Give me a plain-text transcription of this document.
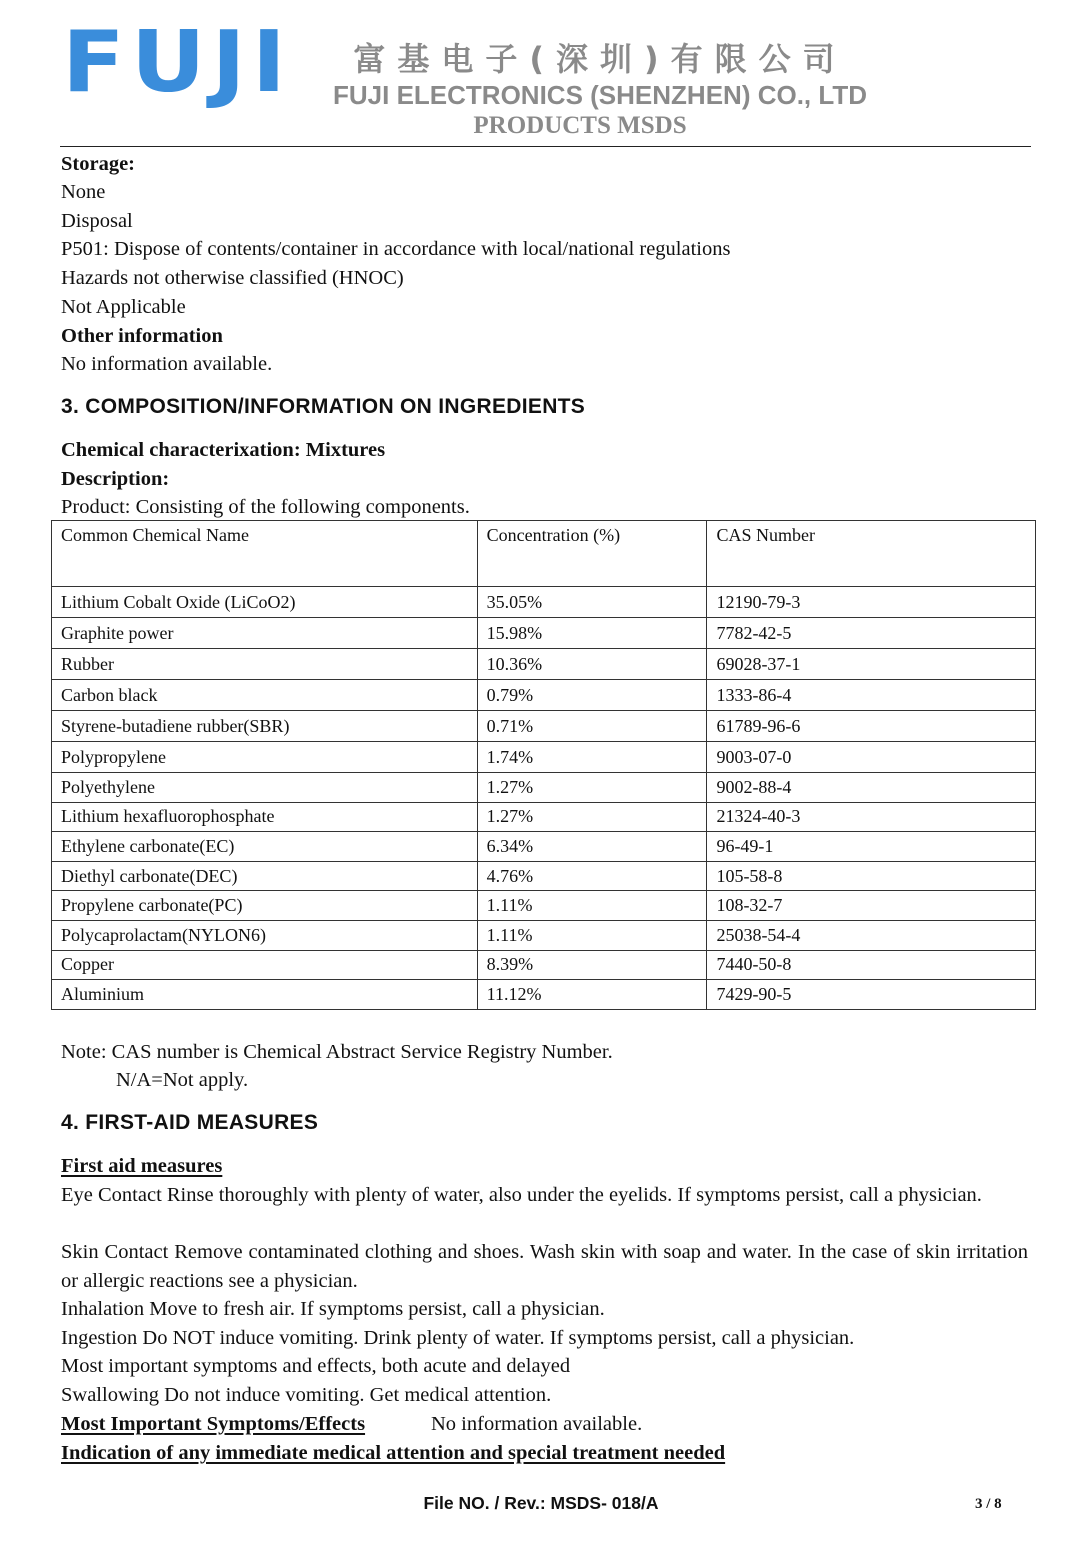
FUJI	富基电子(深圳)有限公司
FUJI ELECTRONICS (SHENZHEN) CO., LTD
PRODUCTS MSDS
Storage:
None
Disposal
P501: Dispose of contents/container in accordance with local/national regulations
Hazards not otherwise classified (HNOC)
Not Applicable
Other information
No information available.
3. COMPOSITION/INFORMATION ON INGREDIENTS
Chemical characterixation: Mixtures
Description:
Product: Consisting of the following components.
Common Chemical Name	Concentration (%)	CAS Number
Lithium Cobalt Oxide (LiCoO2)	35.05%	12190-79-3
Graphite power	15.98%	7782-42-5
Rubber	10.36%	69028-37-1
Carbon black	0.79%	1333-86-4
Styrene-butadiene rubber(SBR)	0.71%	61789-96-6
Polypropylene	1.74%	9003-07-0
Polyethylene	1.27%	9002-88-4
Lithium hexafluorophosphate	1.27%	21324-40-3
Ethylene carbonate(EC)	6.34%	96-49-1
Diethyl carbonate(DEC)	4.76%	105-58-8
Propylene carbonate(PC)	1.11%	108-32-7
Polycaprolactam(NYLON6)	1.11%	25038-54-4
Copper	8.39%	7440-50-8
Aluminium	11.12%	7429-90-5
Note: CAS number is Chemical Abstract Service Registry Number.
N/A=Not apply.
4. FIRST-AID MEASURES
First aid measures
Eye Contact Rinse thoroughly with plenty of water, also under the eyelids. If symptoms persist, call a physician.
Skin Contact Remove contaminated clothing and shoes. Wash skin with soap and water. In the case of skin irritation or allergic reactions see a physician.
Inhalation Move to fresh air. If symptoms persist, call a physician.
Ingestion Do NOT induce vomiting. Drink plenty of water. If symptoms persist, call a physician.
Most important symptoms and effects, both acute and delayed
Swallowing Do not induce vomiting. Get medical attention.
Most Important Symptoms/Effects	No information available.
Indication of any immediate medical attention and special treatment needed
File NO. / Rev.: MSDS- 018/A	3 / 8
